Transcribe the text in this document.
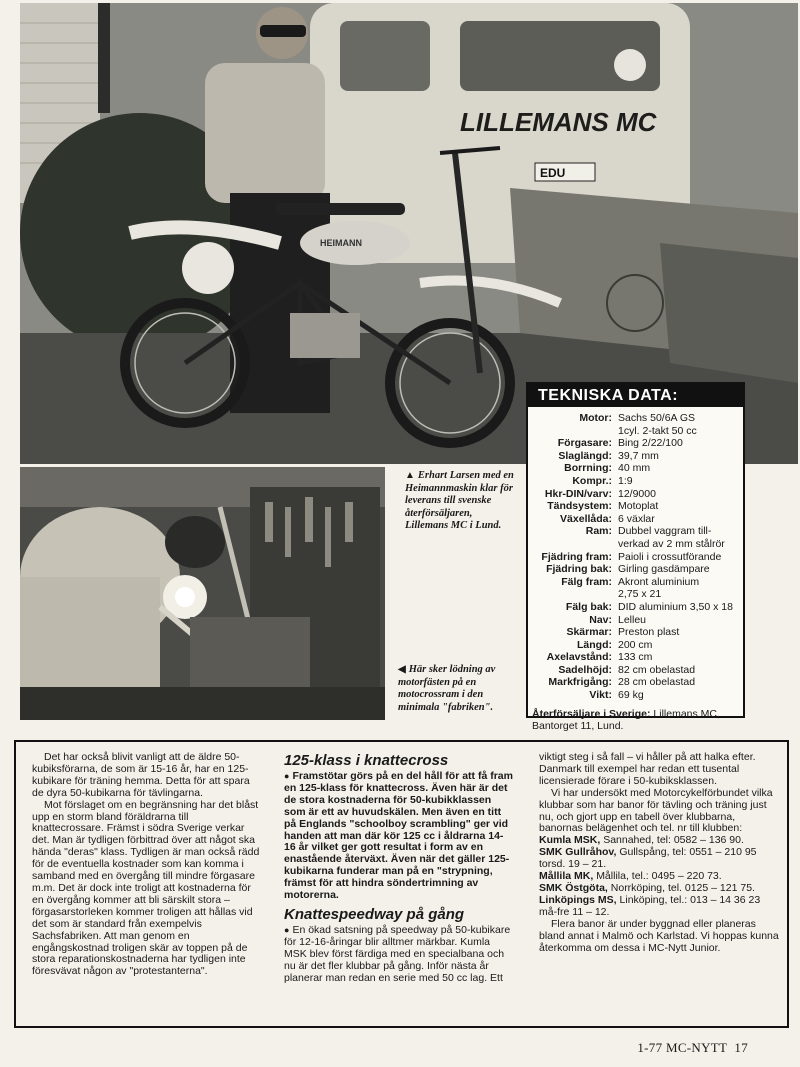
LILLEMANS MC
EDU
HEIMANN
▲ Erhart Larsen med en Heimannmaskin klar för leverans till svenske återförsäljaren, Lillemans MC i Lund.
◀ Här sker lödning av motorfästen på en motocrossram i den minimala "fabriken".
TEKNISKA DATA:
Motor: Sachs 50/6A GS
1cyl. 2-takt 50 cc
Förgasare: Bing 2/22/100
Slaglängd: 39,7 mm
Borrning: 40 mm
Kompr.: 1:9
Hkr-DIN/varv: 12/9000
Tändsystem: Motoplat
Växellåda: 6 växlar
Ram: Dubbel vaggram till-
verkad av 2 mm stålrör
Fjädring fram: Paioli i crossutförande
Fjädring bak: Girling gasdämpare
Fälg fram: Akront aluminium
2,75 x 21
Fälg bak: DID aluminium 3,50 x 18
Nav: Lelleu
Skärmar: Preston plast
Längd: 200 cm
Axelavstånd: 133 cm
Sadelhöjd: 82 cm obelastad
Markfrigång: 28 cm obelastad
Vikt: 69 kg
Återförsäljare i Sverige: Lillemans MC, Bantorget 11, Lund.

Det har också blivit vanligt att de äldre 50-kubiksförarna, de som är 15-16 år, har en 125-kubikare för träning hemma. Detta för att spara de dyra 50-kubikarna för tävlingarna.

Mot förslaget om en begränsning har det blåst upp en storm bland föräldrarna till knattecrossare. Främst i södra Sverige verkar det. Man är tydligen förbittrad över att något ska hända "deras" klass. Tydligen är man också rädd för de eventuella kostnader som kan komma i samband med en övergång till mindre förgasare m.m. Det är dock inte troligt att kostnaderna för en övergång kommer att bli särskilt stora – förgasarstorleken kommer troligen att hållas vid det som är standard från exempelvis Sachsfabriken. Att man genom en engångskostnad troligen skär av toppen på de stora reparationskostnaderna har tydligen inte föresvävat någon av "protestanterna".

125-klass i knattecross

● Framstötar görs på en del håll för att få fram en 125-klass för knattecross. Även här är det de stora kostnaderna för 50-kubikklassen som är ett av huvudskälen. Men även en titt på Englands "schoolboy scrambling" ger vid handen att man där kör 125 cc i åldrarna 14-16 år vilket ger gott resultat i form av en enastående återväxt. Även när det gäller 125-kubikarna funderar man på en "strypning, främst för att hindra söndertrimning av motorerna.

Knattespeedway på gång

● En ökad satsning på speedway på 50-kubikare för 12-16-åringar blir alltmer märkbar. Kumla MSK blev först färdiga med en specialbana och nu är det fler klubbar på gång. Inför nästa år planerar man redan en serie med 50 cc lag. Ett

viktigt steg i så fall – vi håller på att halka efter. Danmark till exempel har redan ett tusental licensierade förare i 50-kubiksklassen.

Vi har undersökt med Motorcykelförbundet vilka klubbar som har banor för tävling och träning just nu, och gjort upp en tabell över klubbarna, banornas belägenhet och tel. nr till klubben:

Kumla MSK, Sannahed, tel: 0582 – 136 90.

SMK Gullråhov, Gullspång, tel: 0551 – 210 95 torsd. 19 – 21.

Mållila MK, Mållila, tel.: 0495 – 220 73.

SMK Östgöta, Norrköping, tel. 0125 – 121 75.

Linköpings MS, Linköping, tel.: 013 – 14 36 23 må-fre 11 – 12.

Flera banor är under byggnad eller planeras bland annat i Malmö och Karlstad. Vi hoppas kunna återkomma om dessa i MC-Nytt Junior.

1-77 MC-NYTT 17
